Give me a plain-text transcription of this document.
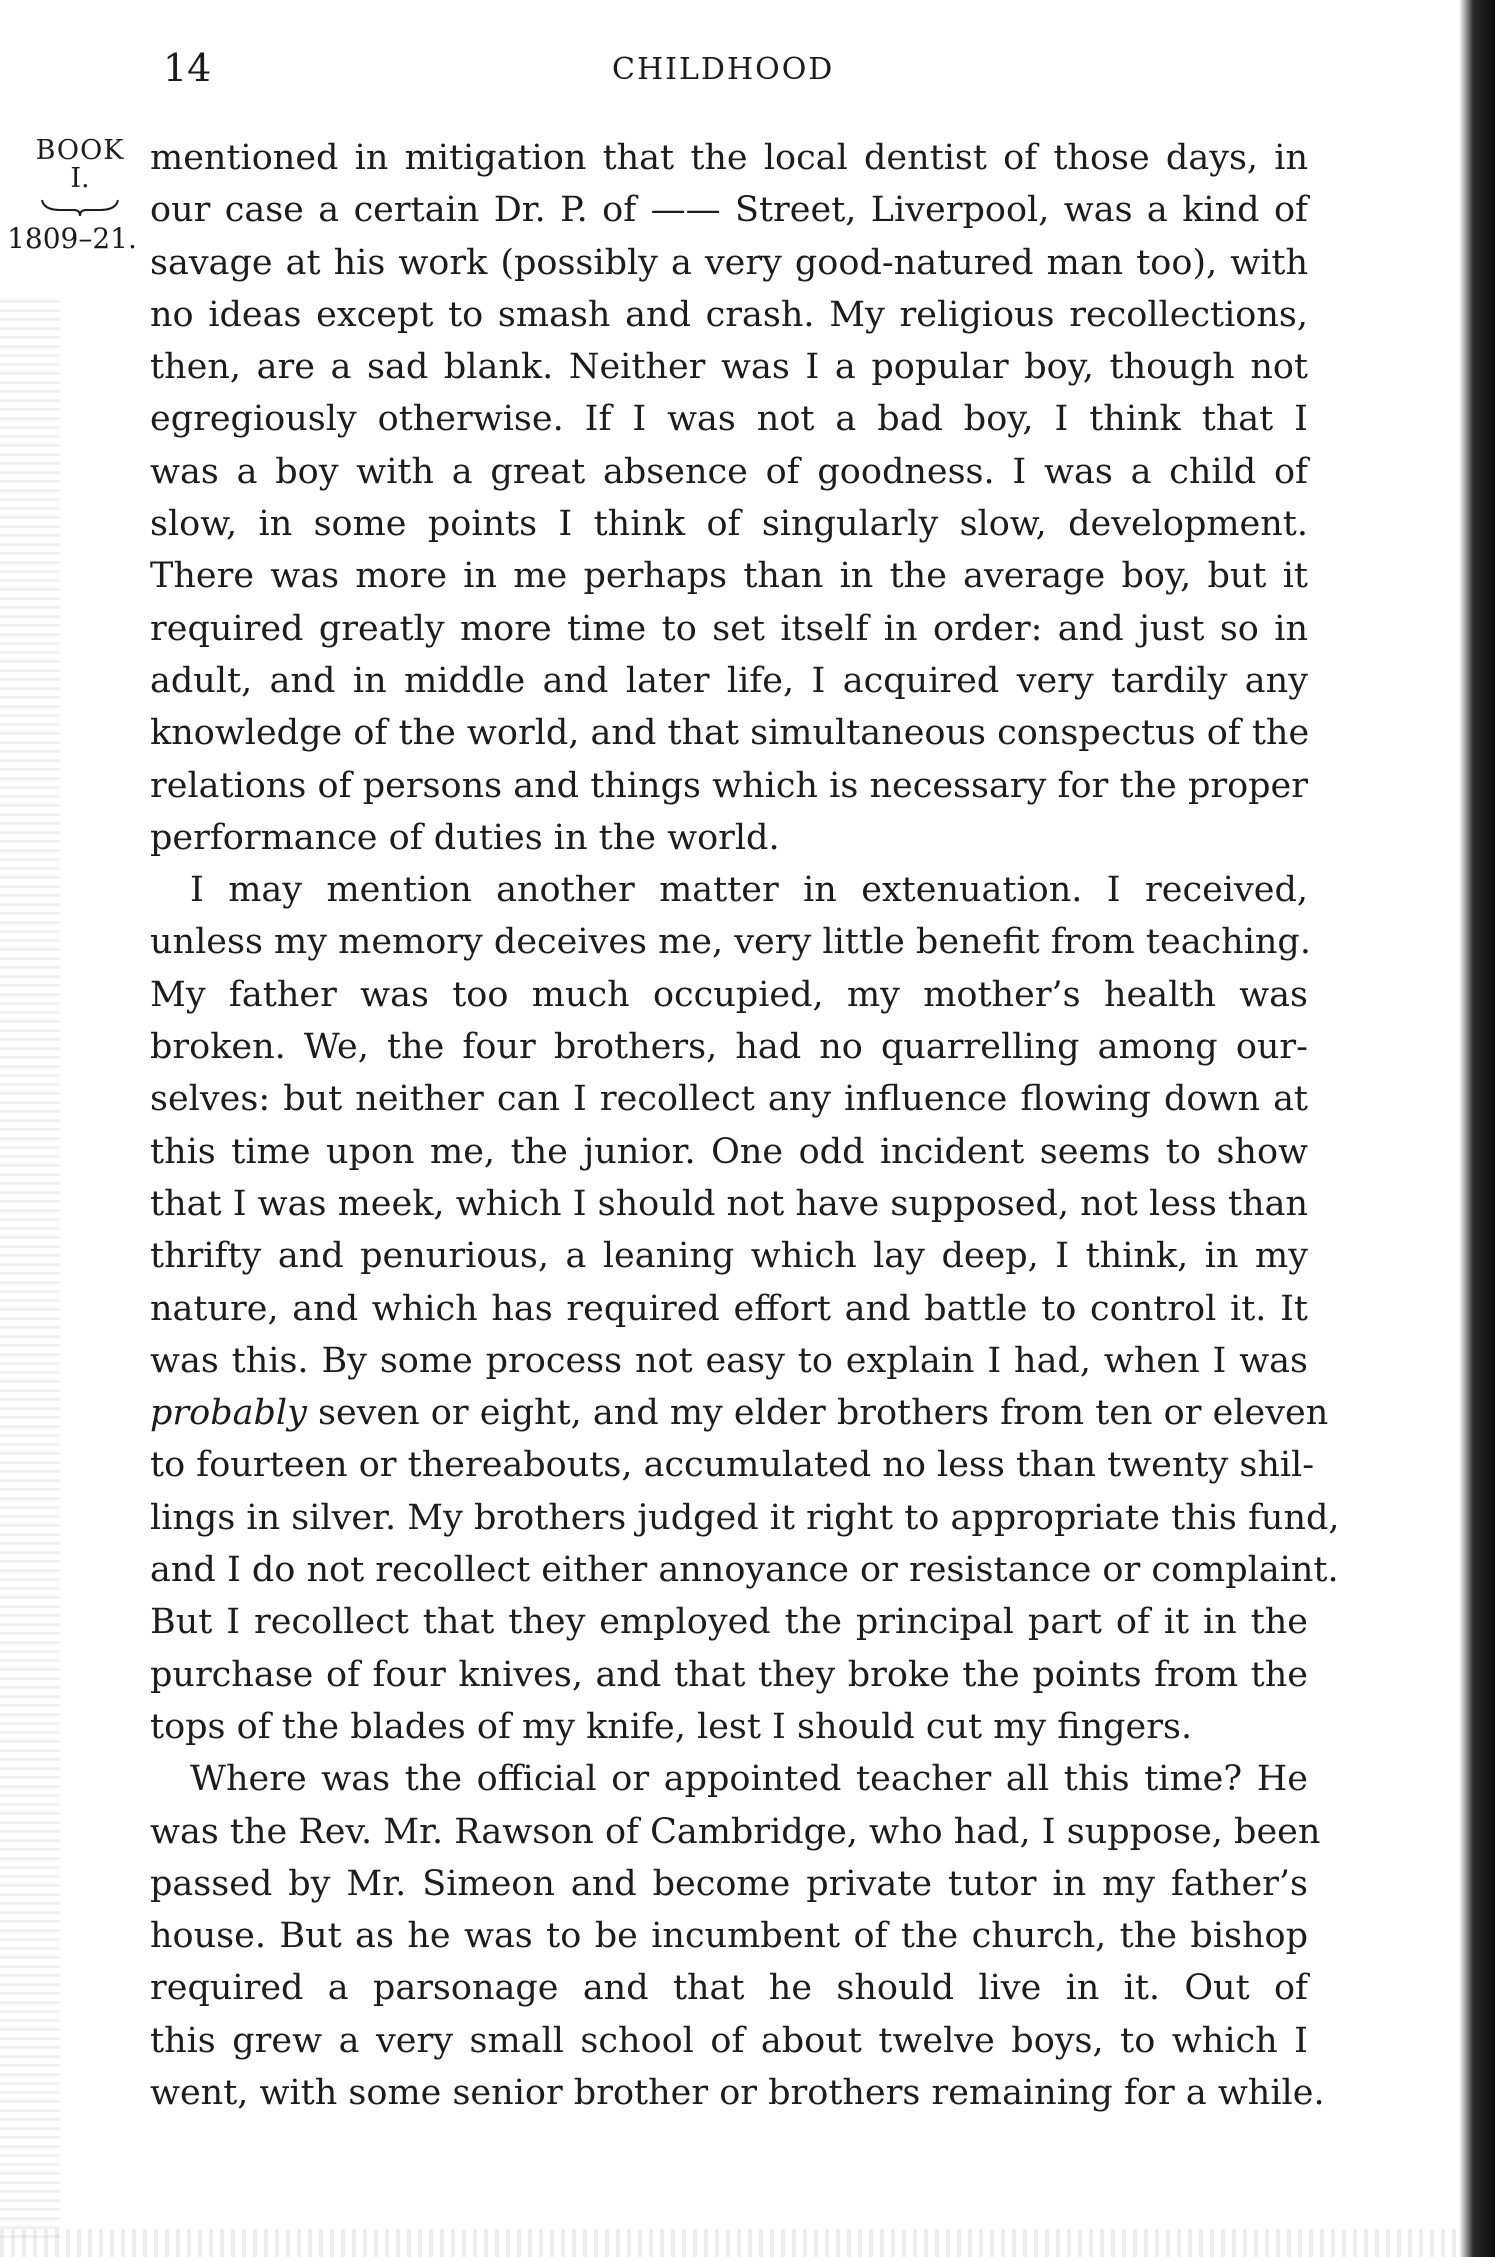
14	CHILDHOOD
BOOK
I.
1809–21.

mentioned in mitigation that the local dentist of those days, in
our case a certain Dr. P. of —— Street, Liverpool, was a kind of
savage at his work (possibly a very good-natured man too), with
no ideas except to smash and crash. My religious recollections,
then, are a sad blank. Neither was I a popular boy, though not
egregiously otherwise. If I was not a bad boy, I think that I
was a boy with a great absence of goodness. I was a child of
slow, in some points I think of singularly slow, development.
There was more in me perhaps than in the average boy, but it
required greatly more time to set itself in order: and just so in
adult, and in middle and later life, I acquired very tardily any
knowledge of the world, and that simultaneous conspectus of the
relations of persons and things which is necessary for the proper
performance of duties in the world.

I may mention another matter in extenuation. I received,
unless my memory deceives me, very little benefit from teaching.
My father was too much occupied, my mother’s health was
broken. We, the four brothers, had no quarrelling among our-
selves: but neither can I recollect any influence flowing down at
this time upon me, the junior. One odd incident seems to show
that I was meek, which I should not have supposed, not less than
thrifty and penurious, a leaning which lay deep, I think, in my
nature, and which has required effort and battle to control it. It
was this. By some process not easy to explain I had, when I was
probably seven or eight, and my elder brothers from ten or eleven
to fourteen or thereabouts, accumulated no less than twenty shil-
lings in silver. My brothers judged it right to appropriate this fund,
and I do not recollect either annoyance or resistance or complaint.
But I recollect that they employed the principal part of it in the
purchase of four knives, and that they broke the points from the
tops of the blades of my knife, lest I should cut my fingers.

Where was the official or appointed teacher all this time? He
was the Rev. Mr. Rawson of Cambridge, who had, I suppose, been
passed by Mr. Simeon and become private tutor in my father’s
house. But as he was to be incumbent of the church, the bishop
required a parsonage and that he should live in it. Out of
this grew a very small school of about twelve boys, to which I
went, with some senior brother or brothers remaining for a while.
